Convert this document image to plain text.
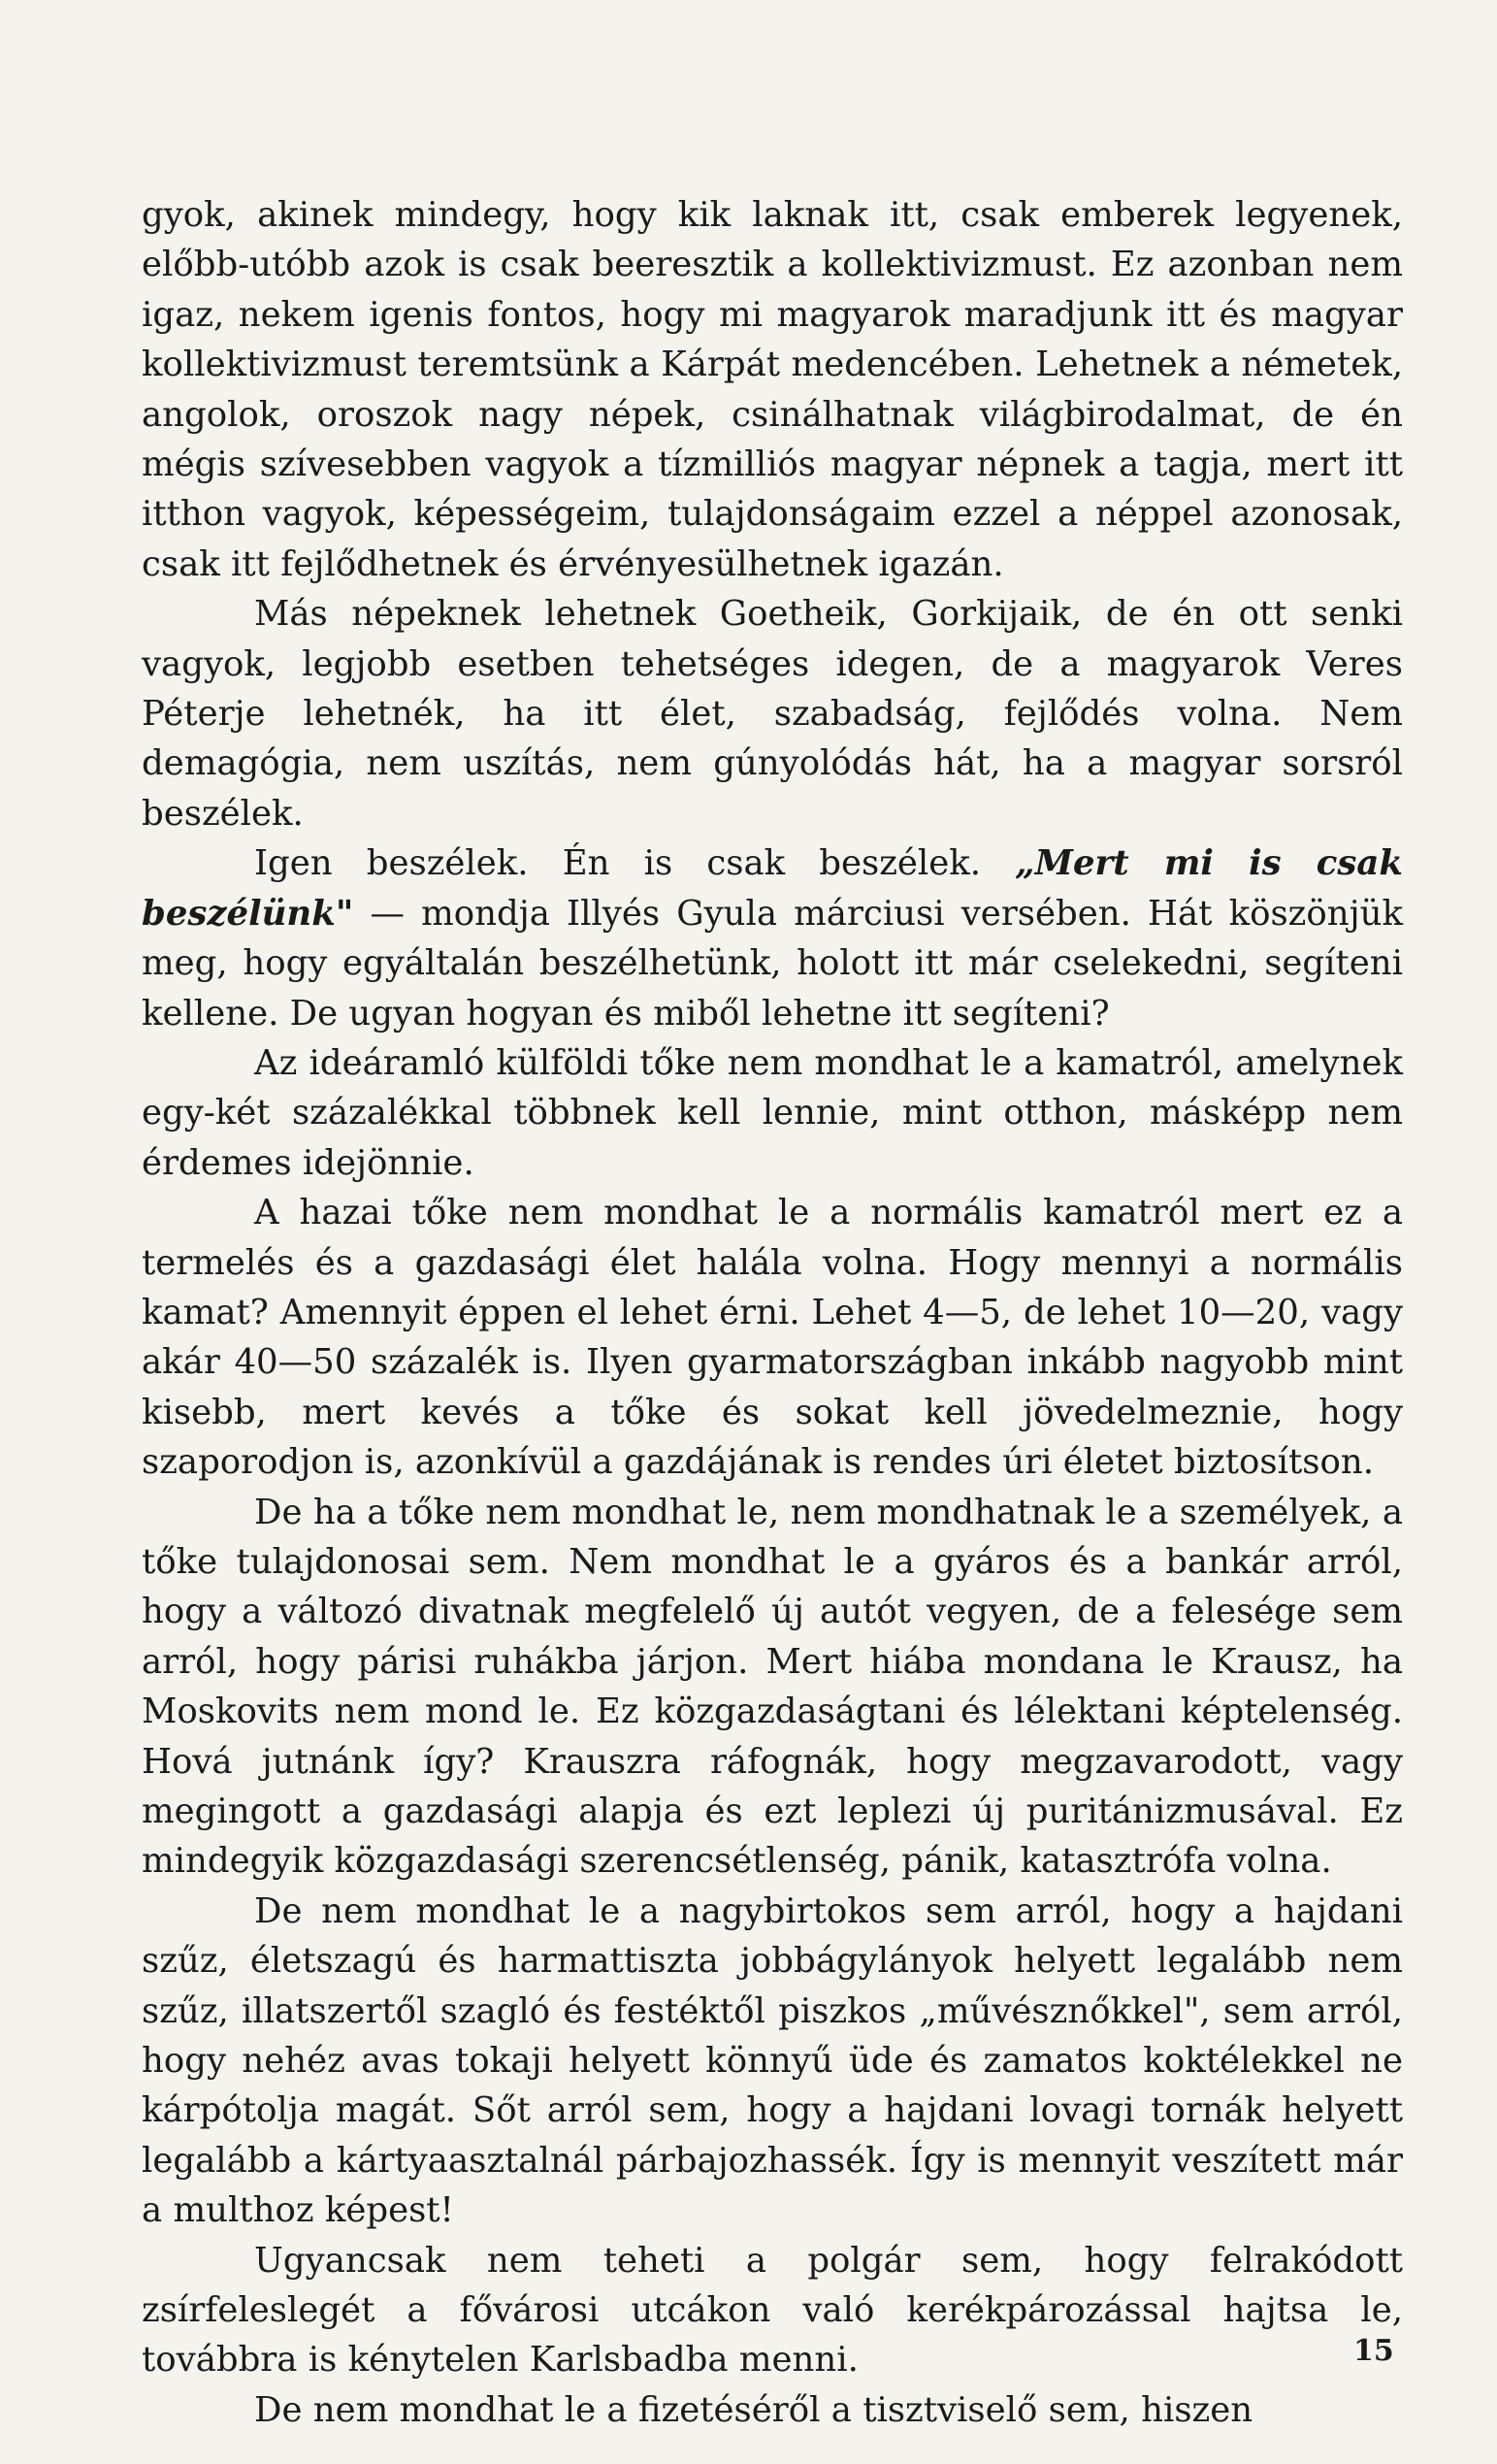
gyok, akinek mindegy, hogy kik laknak itt, csak emberek legyenek, előbb-utóbb azok is csak beeresztik a kollektivizmust. Ez azonban nem igaz, nekem igenis fontos, hogy mi magyarok maradjunk itt és magyar kollektivizmust teremtsünk a Kárpát medencében. Lehetnek a németek, angolok, oroszok nagy népek, csinálhatnak világbirodalmat, de én mégis szívesebben vagyok a tízmilliós magyar népnek a tagja, mert itt itthon vagyok, képességeim, tulajdonságaim ezzel a néppel azonosak, csak itt fejlődhetnek és érvényesülhetnek igazán.

Más népeknek lehetnek Goetheik, Gorkijaik, de én ott senki vagyok, legjobb esetben tehetséges idegen, de a magyarok Veres Péterje lehetnék, ha itt élet, szabadság, fejlődés volna. Nem demagógia, nem uszítás, nem gúnyolódás hát, ha a magyar sorsról beszélek.

Igen beszélek. Én is csak beszélek. „Mert mi is csak beszélünk" — mondja Illyés Gyula márciusi versében. Hát köszönjük meg, hogy egyáltalán beszélhetünk, holott itt már cselekedni, segíteni kellene. De ugyan hogyan és miből lehetne itt segíteni?

Az ideáramló külföldi tőke nem mondhat le a kamatról, amelynek egy-két százalékkal többnek kell lennie, mint otthon, másképp nem érdemes idejönnie.

A hazai tőke nem mondhat le a normális kamatról mert ez a termelés és a gazdasági élet halála volna. Hogy mennyi a normális kamat? Amennyit éppen el lehet érni. Lehet 4—5, de lehet 10—20, vagy akár 40—50 százalék is. Ilyen gyarmatországban inkább nagyobb mint kisebb, mert kevés a tőke és sokat kell jövedelmeznie, hogy szaporodjon is, azonkívül a gazdájának is rendes úri életet biztosítson.

De ha a tőke nem mondhat le, nem mondhatnak le a személyek, a tőke tulajdonosai sem. Nem mondhat le a gyáros és a bankár arról, hogy a változó divatnak megfelelő új autót vegyen, de a felesége sem arról, hogy párisi ruhákba járjon. Mert hiába mondana le Krausz, ha Moskovits nem mond le. Ez közgazdaságtani és lélektani képtelenség. Hová jutnánk így? Krauszra ráfognák, hogy megzavarodott, vagy megingott a gazdasági alapja és ezt leplezi új puritánizmusával. Ez mindegyik közgazdasági szerencsétlenség, pánik, katasztrófa volna.

De nem mondhat le a nagybirtokos sem arról, hogy a hajdani szűz, életszagú és harmattiszta jobbágylányok helyett legalább nem szűz, illatszertől szagló és festéktől piszkos „művésznőkkel", sem arról, hogy nehéz avas tokaji helyett könnyű üde és zamatos koktélekkel ne kárpótolja magát. Sőt arról sem, hogy a hajdani lovagi tornák helyett legalább a kártyaasztalnál párbajozhassék. Így is mennyit veszített már a multhoz képest!

Ugyancsak nem teheti a polgár sem, hogy felrakódott zsírfeleslegét a fővárosi utcákon való kerékpározással hajtsa le, továbbra is kénytelen Karlsbadba menni.

De nem mondhat le a fizetéséről a tisztviselő sem, hiszen

15
